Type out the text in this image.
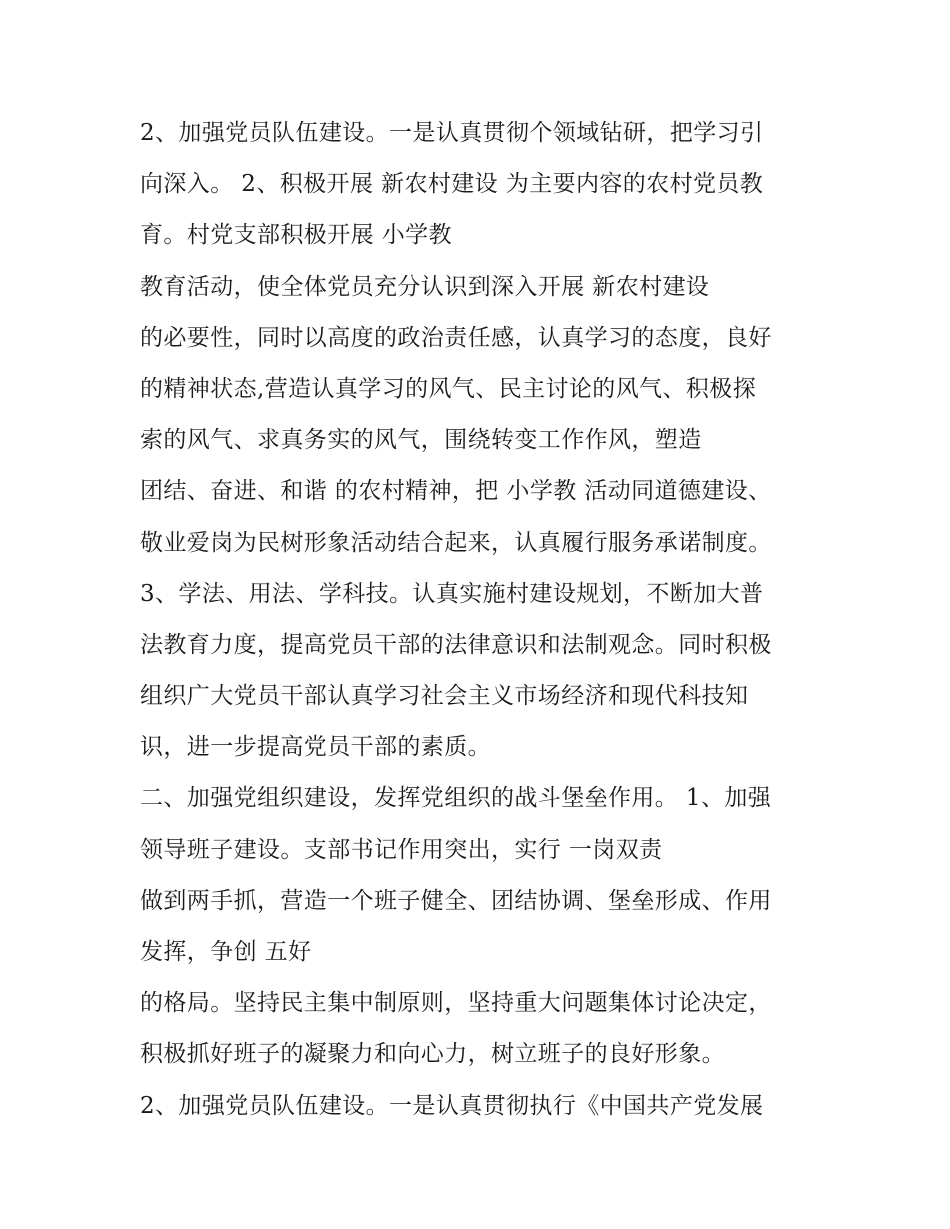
2、加强党员队伍建设。一是认真贯彻个领域钻研，把学习引
向深入。 2、积极开展 新农村建设 为主要内容的农村党员教
育。村党支部积极开展 小学教
教育活动，使全体党员充分认识到深入开展 新农村建设
的必要性，同时以高度的政治责任感，认真学习的态度，良好
的精神状态,营造认真学习的风气、民主讨论的风气、积极探
索的风气、求真务实的风气，围绕转变工作作风，塑造
团结、奋进、和谐 的农村精神，把 小学教 活动同道德建设、
敬业爱岗为民树形象活动结合起来，认真履行服务承诺制度。
3、学法、用法、学科技。认真实施村建设规划，不断加大普
法教育力度，提高党员干部的法律意识和法制观念。同时积极
组织广大党员干部认真学习社会主义市场经济和现代科技知
识，进一步提高党员干部的素质。
二、加强党组织建设，发挥党组织的战斗堡垒作用。 1、加强
领导班子建设。支部书记作用突出，实行 一岗双责
做到两手抓，营造一个班子健全、团结协调、堡垒形成、作用
发挥，争创 五好
的格局。坚持民主集中制原则，坚持重大问题集体讨论决定，
积极抓好班子的凝聚力和向心力，树立班子的良好形象。
2、加强党员队伍建设。一是认真贯彻执行《中国共产党发展
